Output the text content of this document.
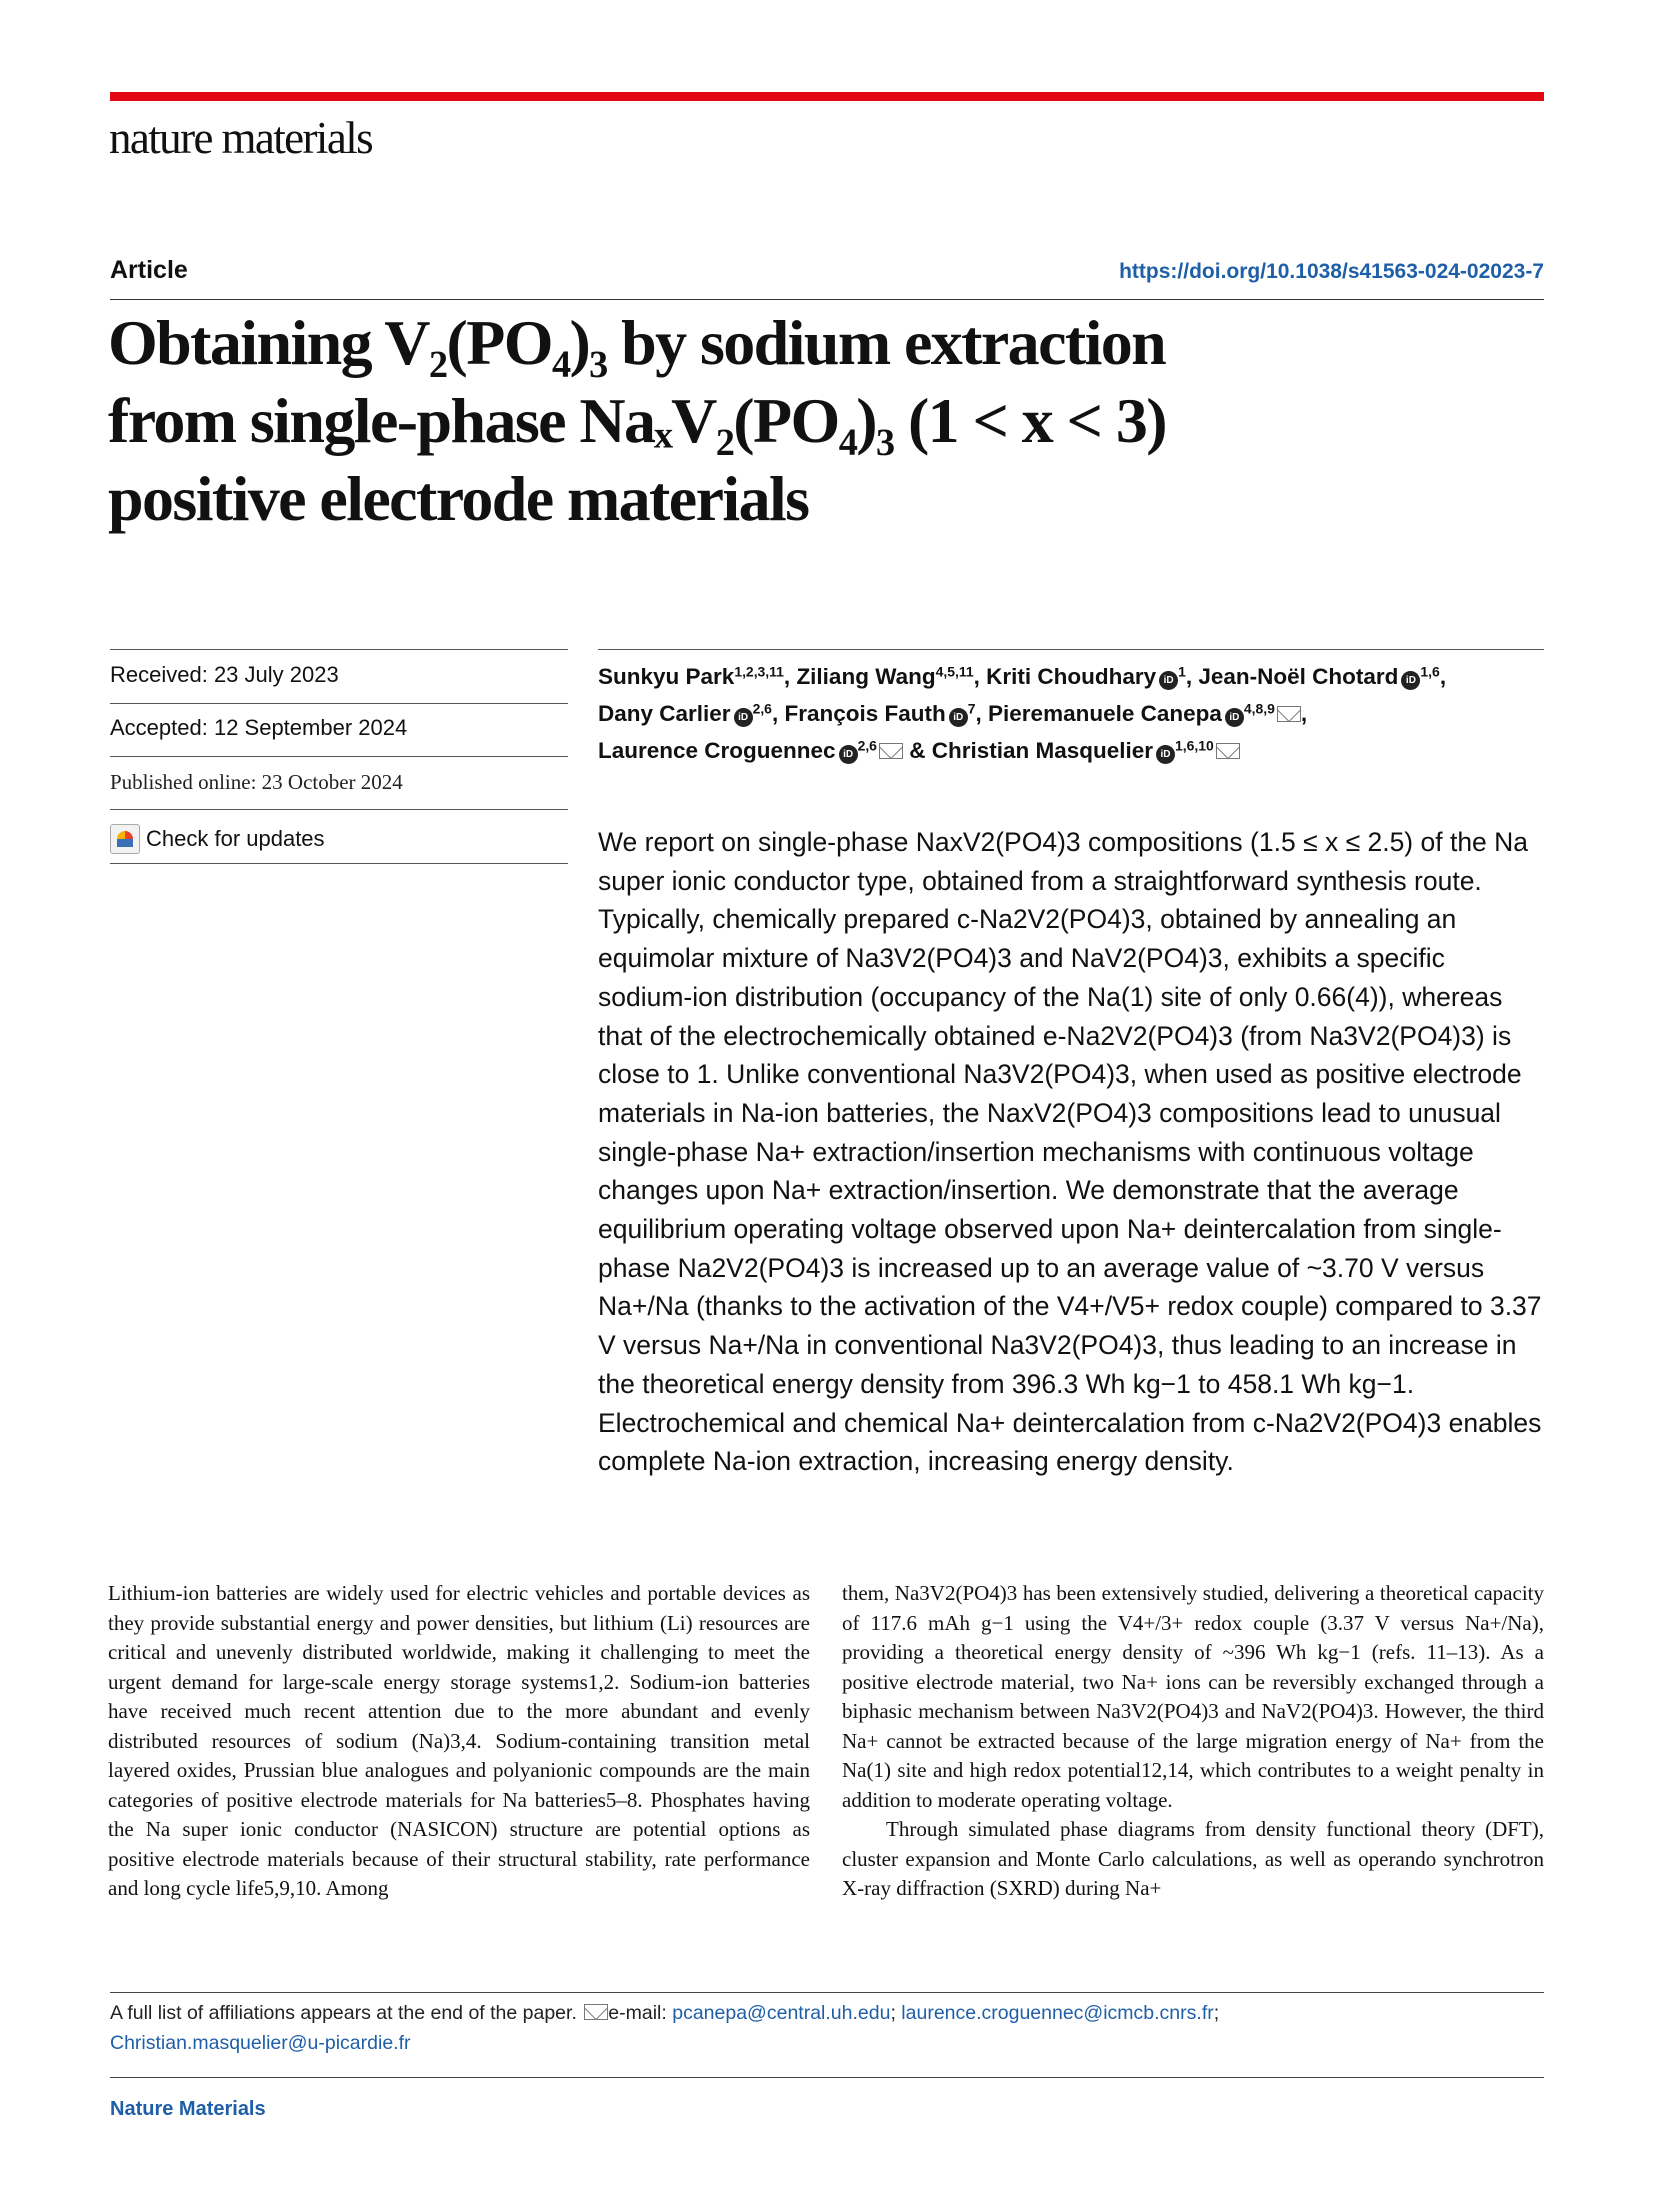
nature materials
Article	https://doi.org/10.1038/s41563-024-02023-7
Obtaining V₂(PO₄)₃ by sodium extraction
from single-phase NaₓV₂(PO₄)₃ (1 < x < 3)
positive electrode materials
Received: 23 July 2023
Accepted: 12 September 2024
Published online: 23 October 2024
Check for updates
Sunkyu Park$^{1,2,3,11}$, Ziliang Wang$^{4,5,11}$, Kriti Choudhary $iD^1$, Jean-Noël Chotard iD$^{1,6}$,
Dany Carlier iD$^{2,6}$, François Fauth $iD^7$, Pieremanuele Canepa iD$^{4,8,9}$ ,
Laurence Croguennec iD$^{2,6}$ & Christian Masquelier iD$^{1,6,10}$

We report on single-phase NaxV2(PO4)3 compositions (1.5 ≤ x ≤ 2.5) of the Na super ionic conductor type, obtained from a straightforward synthesis route. Typically, chemically prepared c-Na2V2(PO4)3, obtained by annealing an equimolar mixture of Na3V2(PO4)3 and NaV2(PO4)3, exhibits a specific sodium-ion distribution (occupancy of the Na(1) site of only 0.66(4)), whereas that of the electrochemically obtained e-Na2V2(PO4)3 (from Na3V2(PO4)3) is close to 1. Unlike conventional Na3V2(PO4)3, when used as positive electrode materials in Na-ion batteries, the NaxV2(PO4)3 compositions lead to unusual single-phase Na+ extraction/insertion mechanisms with continuous voltage changes upon Na+ extraction/insertion. We demonstrate that the average equilibrium operating voltage observed upon Na+ deintercalation from single-phase Na2V2(PO4)3 is increased up to an average value of ~3.70 V versus Na+/Na (thanks to the activation of the V4+/V5+ redox couple) compared to 3.37 V versus Na+/Na in conventional Na3V2(PO4)3, thus leading to an increase in the theoretical energy density from 396.3 Wh kg−1 to 458.1 Wh kg−1. Electrochemical and chemical Na+ deintercalation from c-Na2V2(PO4)3 enables complete Na-ion extraction, increasing energy density.

Lithium-ion batteries are widely used for electric vehicles and portable devices as they provide substantial energy and power densities, but lithium (Li) resources are critical and unevenly distributed worldwide, making it challenging to meet the urgent demand for large-scale energy storage systems1,2. Sodium-ion batteries have received much recent attention due to the more abundant and evenly distributed resources of sodium (Na)3,4. Sodium-containing transition metal layered oxides, Prussian blue analogues and polyanionic compounds are the main categories of positive electrode materials for Na batteries5–8. Phosphates having the Na super ionic conductor (NASICON) structure are potential options as positive electrode materials because of their structural stability, rate performance and long cycle life5,9,10. Among

them, Na3V2(PO4)3 has been extensively studied, delivering a theoretical capacity of 117.6 mAh g−1 using the V4+/3+ redox couple (3.37 V versus Na+/Na), providing a theoretical energy density of ~396 Wh kg−1 (refs. 11–13). As a positive electrode material, two Na+ ions can be reversibly exchanged through a biphasic mechanism between Na3V2(PO4)3 and NaV2(PO4)3. However, the third Na+ cannot be extracted because of the large migration energy of Na+ from the Na(1) site and high redox potential12,14, which contributes to a weight penalty in addition to moderate operating voltage.

Through simulated phase diagrams from density functional theory (DFT), cluster expansion and Monte Carlo calculations, as well as operando synchrotron X-ray diffraction (SXRD) during Na+

A full list of affiliations appears at the end of the paper. e-mail: pcanepa@central.uh.edu; laurence.croguennec@icmcb.cnrs.fr;
Christian.masquelier@u-picardie.fr
Nature Materials
